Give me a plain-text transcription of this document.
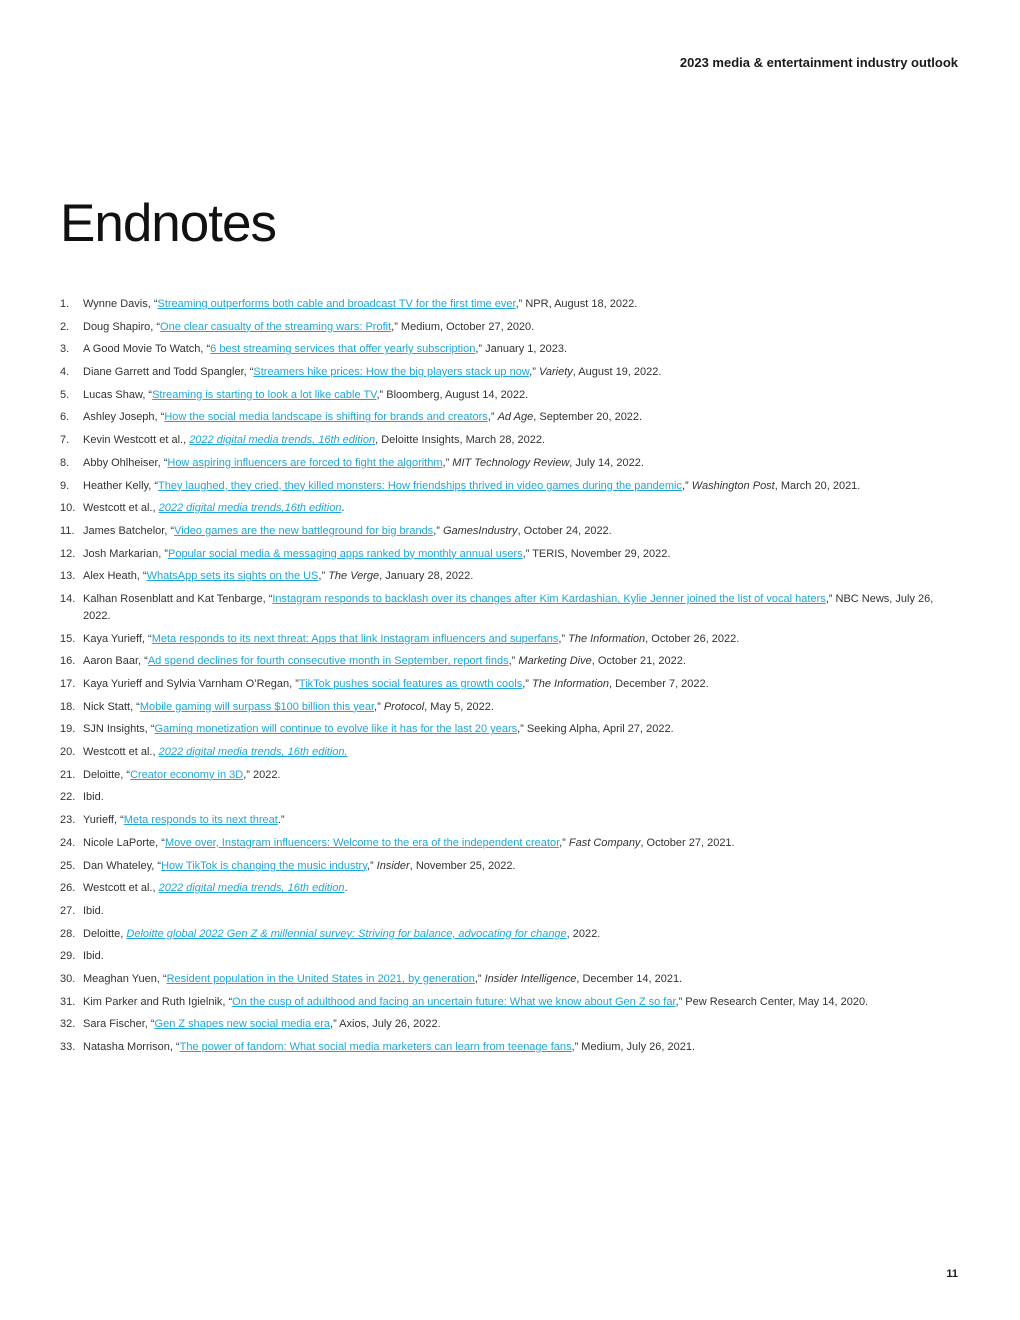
2023 media & entertainment industry outlook
Endnotes
1. Wynne Davis, “Streaming outperforms both cable and broadcast TV for the first time ever,” NPR, August 18, 2022.
2. Doug Shapiro, “One clear casualty of the streaming wars: Profit,” Medium, October 27, 2020.
3. A Good Movie To Watch, “6 best streaming services that offer yearly subscription,” January 1, 2023.
4. Diane Garrett and Todd Spangler, “Streamers hike prices: How the big players stack up now,” Variety, August 19, 2022.
5. Lucas Shaw, “Streaming is starting to look a lot like cable TV,” Bloomberg, August 14, 2022.
6. Ashley Joseph, “How the social media landscape is shifting for brands and creators,” Ad Age, September 20, 2022.
7. Kevin Westcott et al., 2022 digital media trends, 16th edition, Deloitte Insights, March 28, 2022.
8. Abby Ohlheiser, “How aspiring influencers are forced to fight the algorithm,” MIT Technology Review, July 14, 2022.
9. Heather Kelly, “They laughed, they cried, they killed monsters: How friendships thrived in video games during the pandemic,” Washington Post, March 20, 2021.
10. Westcott et al., 2022 digital media trends,16th edition.
11. James Batchelor, “Video games are the new battleground for big brands,” GamesIndustry, October 24, 2022.
12. Josh Markarian, ”Popular social media & messaging apps ranked by monthly annual users,” TERIS, November 29, 2022.
13. Alex Heath, “WhatsApp sets its sights on the US,” The Verge, January 28, 2022.
14. Kalhan Rosenblatt and Kat Tenbarge, “Instagram responds to backlash over its changes after Kim Kardashian, Kylie Jenner joined the list of vocal haters,” NBC News, July 26, 2022.
15. Kaya Yurieff, “Meta responds to its next threat: Apps that link Instagram influencers and superfans,” The Information, October 26, 2022.
16. Aaron Baar, “Ad spend declines for fourth consecutive month in September, report finds,” Marketing Dive, October 21, 2022.
17. Kaya Yurieff and Sylvia Varnham O’Regan, ”TikTok pushes social features as growth cools,” The Information, December 7, 2022.
18. Nick Statt, “Mobile gaming will surpass $100 billion this year,” Protocol, May 5, 2022.
19. SJN Insights, “Gaming monetization will continue to evolve like it has for the last 20 years,” Seeking Alpha, April 27, 2022.
20. Westcott et al., 2022 digital media trends, 16th edition.
21. Deloitte, “Creator economy in 3D,” 2022.
22. Ibid.
23. Yurieff, “Meta responds to its next threat.”
24. Nicole LaPorte, “Move over, Instagram influencers: Welcome to the era of the independent creator,” Fast Company, October 27, 2021.
25. Dan Whateley, “How TikTok is changing the music industry,” Insider, November 25, 2022.
26. Westcott et al., 2022 digital media trends, 16th edition.
27. Ibid.
28. Deloitte, Deloitte global 2022 Gen Z & millennial survey: Striving for balance, advocating for change, 2022.
29. Ibid.
30. Meaghan Yuen, “Resident population in the United States in 2021, by generation,” Insider Intelligence, December 14, 2021.
31. Kim Parker and Ruth Igielnik, “On the cusp of adulthood and facing an uncertain future: What we know about Gen Z so far,” Pew Research Center, May 14, 2020.
32. Sara Fischer, “Gen Z shapes new social media era,” Axios, July 26, 2022.
33. Natasha Morrison, “The power of fandom: What social media marketers can learn from teenage fans,” Medium, July 26, 2021.
11
